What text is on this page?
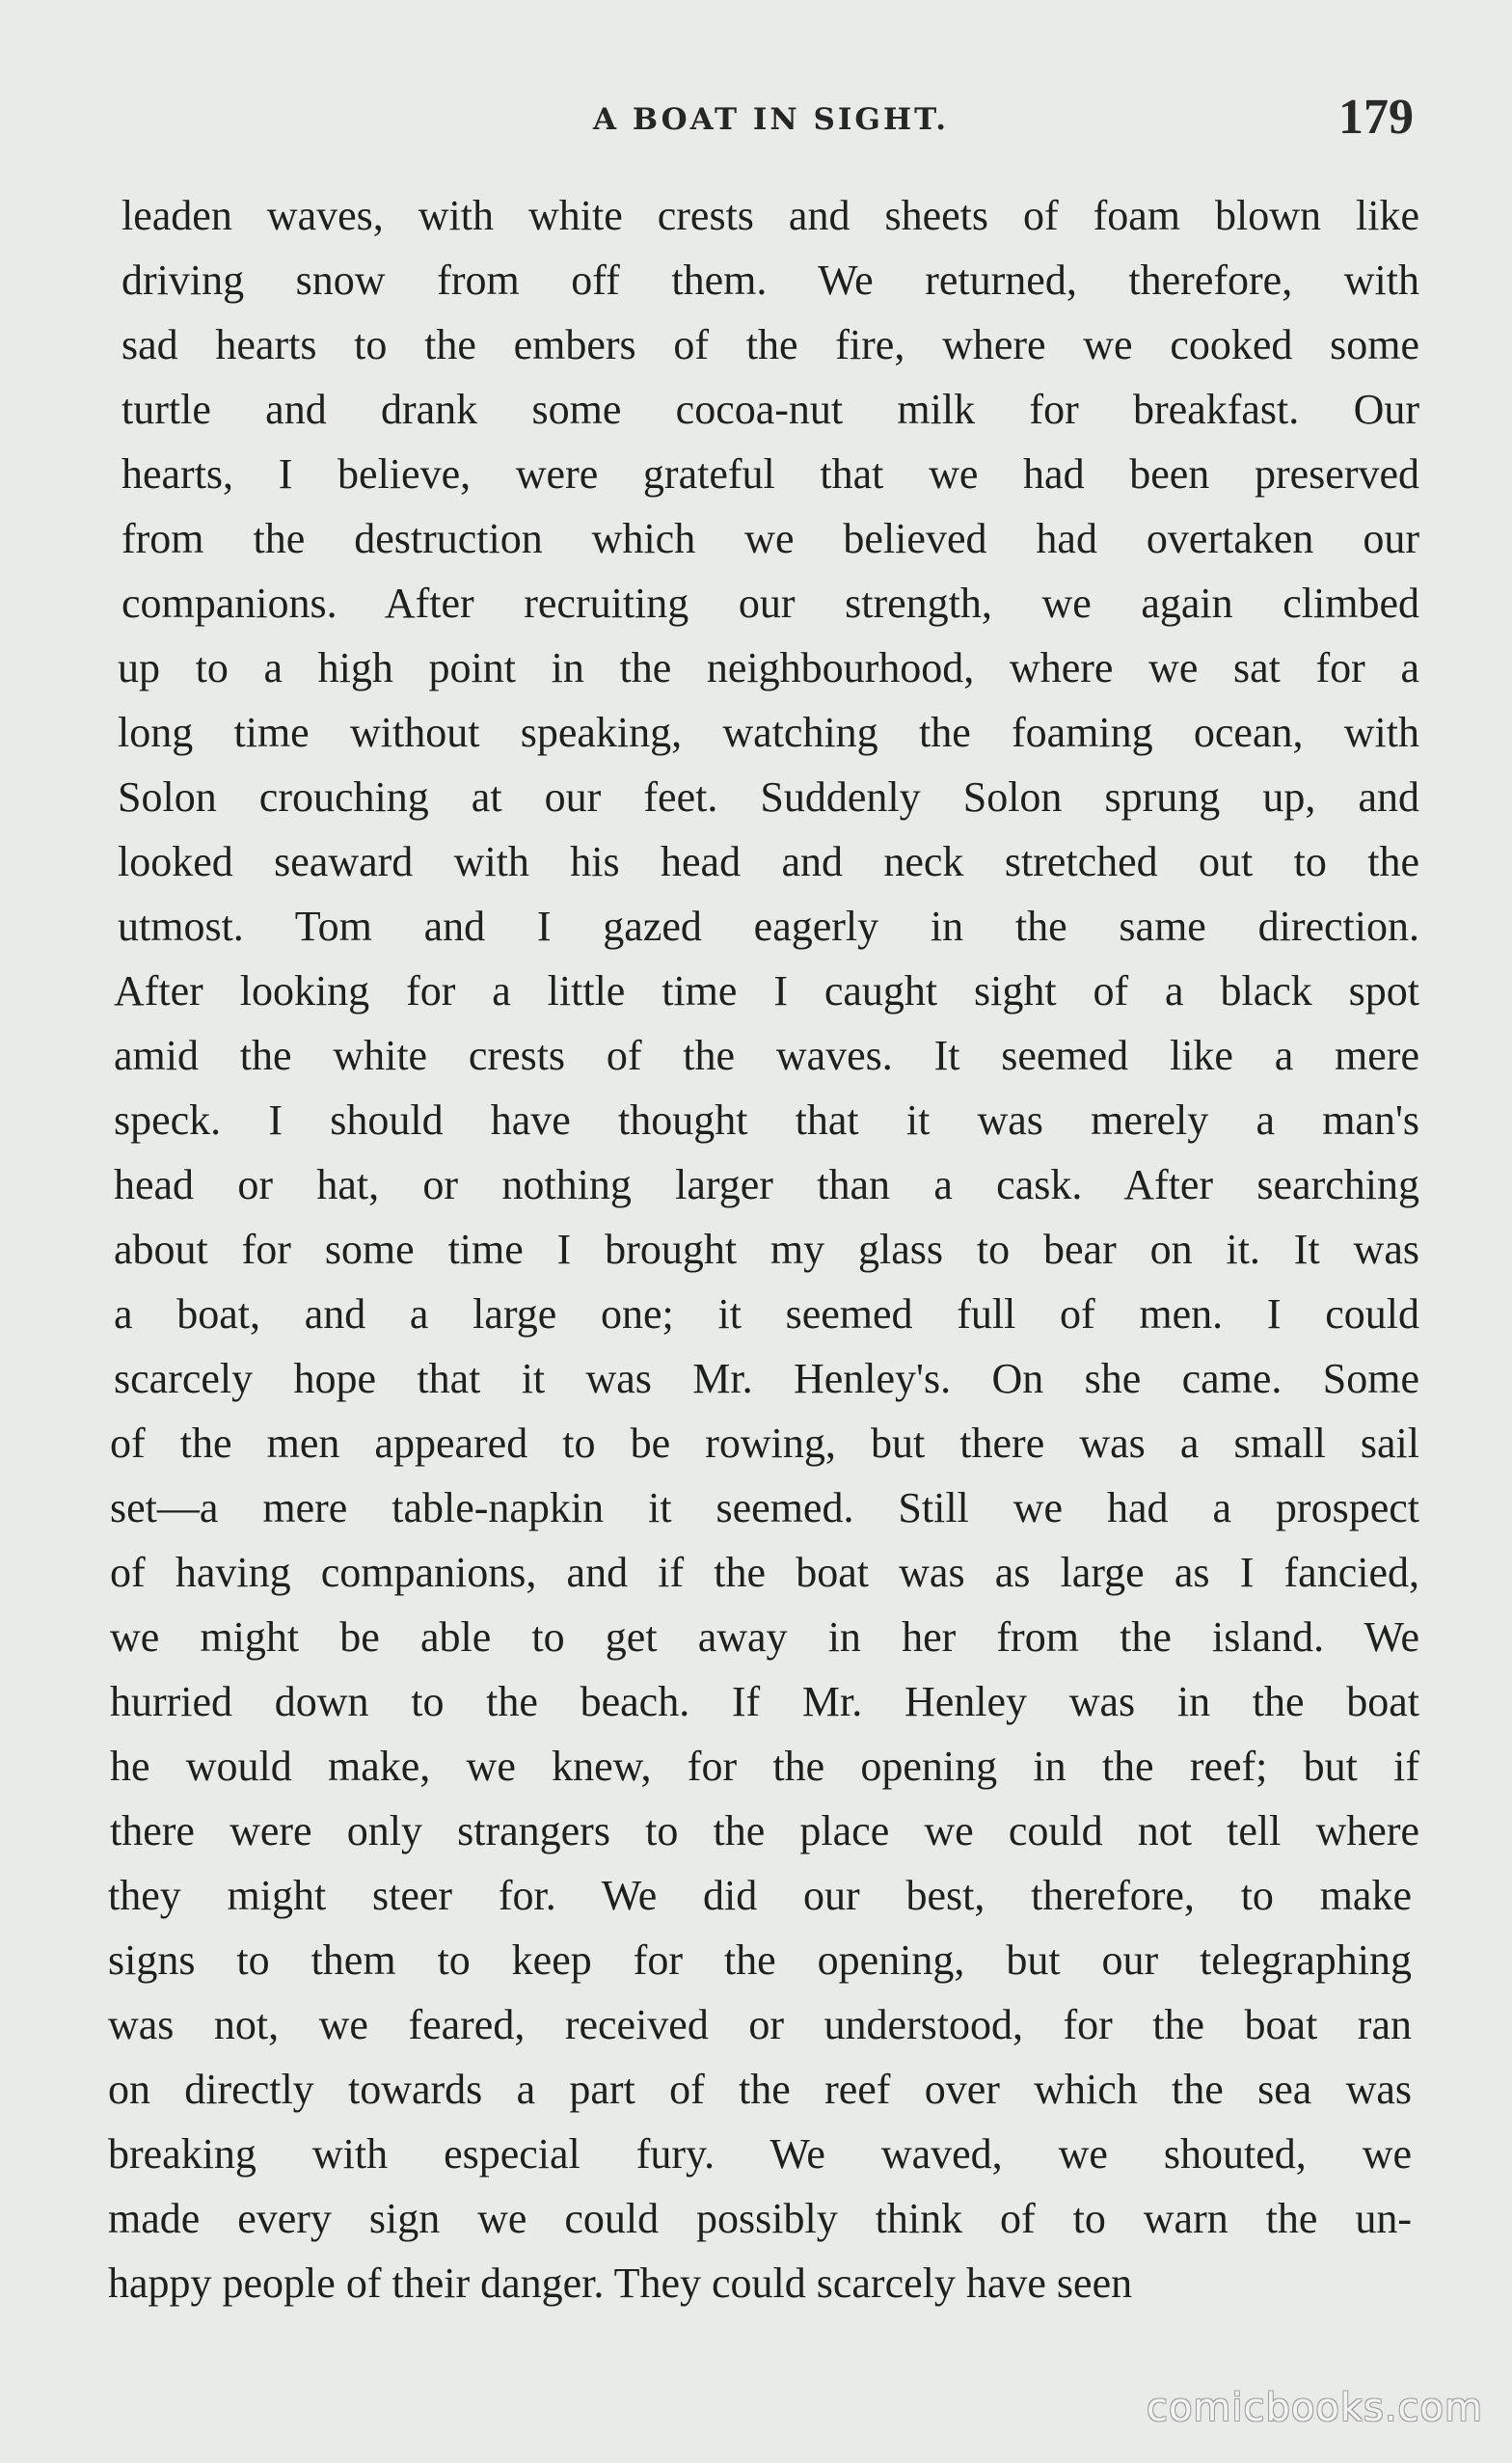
A BOAT IN SIGHT.	179
leaden waves, with white crests and sheets of foam blown like
driving snow from off them. We returned, therefore, with
sad hearts to the embers of the fire, where we cooked some
turtle and drank some cocoa-nut milk for breakfast. Our
hearts, I believe, were grateful that we had been preserved
from the destruction which we believed had overtaken our
companions. After recruiting our strength, we again climbed
up to a high point in the neighbourhood, where we sat for a
long time without speaking, watching the foaming ocean, with
Solon crouching at our feet. Suddenly Solon sprung up, and
looked seaward with his head and neck stretched out to the
utmost. Tom and I gazed eagerly in the same direction.
After looking for a little time I caught sight of a black spot
amid the white crests of the waves. It seemed like a mere
speck. I should have thought that it was merely a man's
head or hat, or nothing larger than a cask. After searching
about for some time I brought my glass to bear on it. It was
a boat, and a large one; it seemed full of men. I could
scarcely hope that it was Mr. Henley's. On she came. Some
of the men appeared to be rowing, but there was a small sail
set—a mere table-napkin it seemed. Still we had a prospect
of having companions, and if the boat was as large as I fancied,
we might be able to get away in her from the island. We
hurried down to the beach. If Mr. Henley was in the boat
he would make, we knew, for the opening in the reef; but if
there were only strangers to the place we could not tell where
they might steer for. We did our best, therefore, to make
signs to them to keep for the opening, but our telegraphing
was not, we feared, received or understood, for the boat ran
on directly towards a part of the reef over which the sea was
breaking with especial fury. We waved, we shouted, we
made every sign we could possibly think of to warn the un-
happy people of their danger. They could scarcely have seen
comicbooks.com
